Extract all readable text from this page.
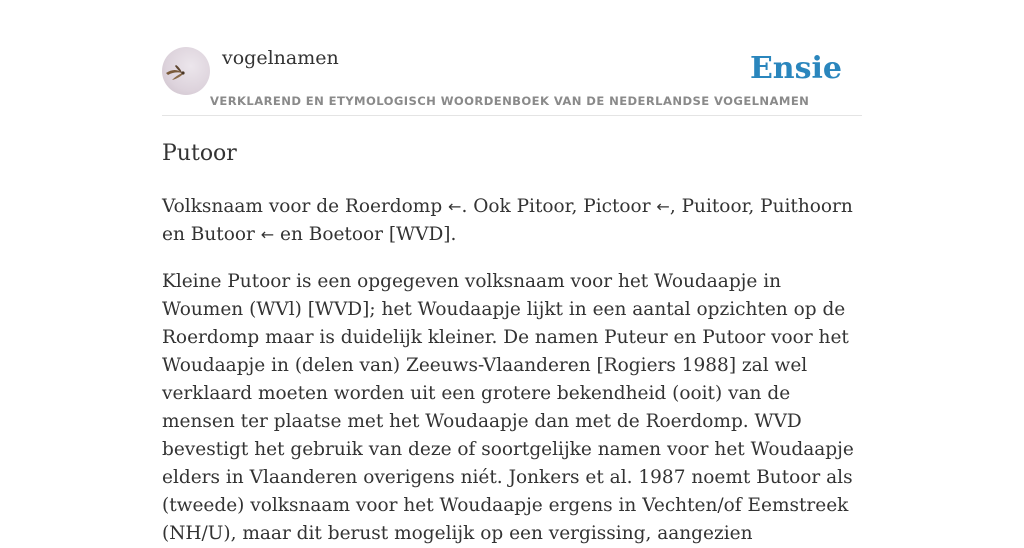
vogelnamen	Ensie
VERKLAREND EN ETYMOLOGISCH WOORDENBOEK VAN DE NEDERLANDSE VOGELNAMEN
Putoor

Volksnaam voor de Roerdomp ←. Ook Pitoor, Pictoor ←, Puitoor, Puithoorn en Butoor ← en Boetoor [WVD].

Kleine Putoor is een opgegeven volksnaam voor het Woudaapje in Woumen (WVl) [WVD]; het Woudaapje lijkt in een aantal opzichten op de Roerdomp maar is duidelijk kleiner. De namen Puteur en Putoor voor het Woudaapje in (delen van) Zeeuws-Vlaanderen [Rogiers 1988] zal wel verklaard moeten worden uit een grotere bekendheid (ooit) van de mensen ter plaatse met het Woudaapje dan met de Roerdomp. WVD bevestigt het gebruik van deze of soortgelijke namen voor het Woudaapje elders in Vlaanderen overigens niét. Jonkers et al. 1987 noemt Butoor als (tweede) volksnaam voor het Woudaapje ergens in Vechten/of Eemstreek (NH/U), maar dit berust mogelijk op een vergissing, aangezien
